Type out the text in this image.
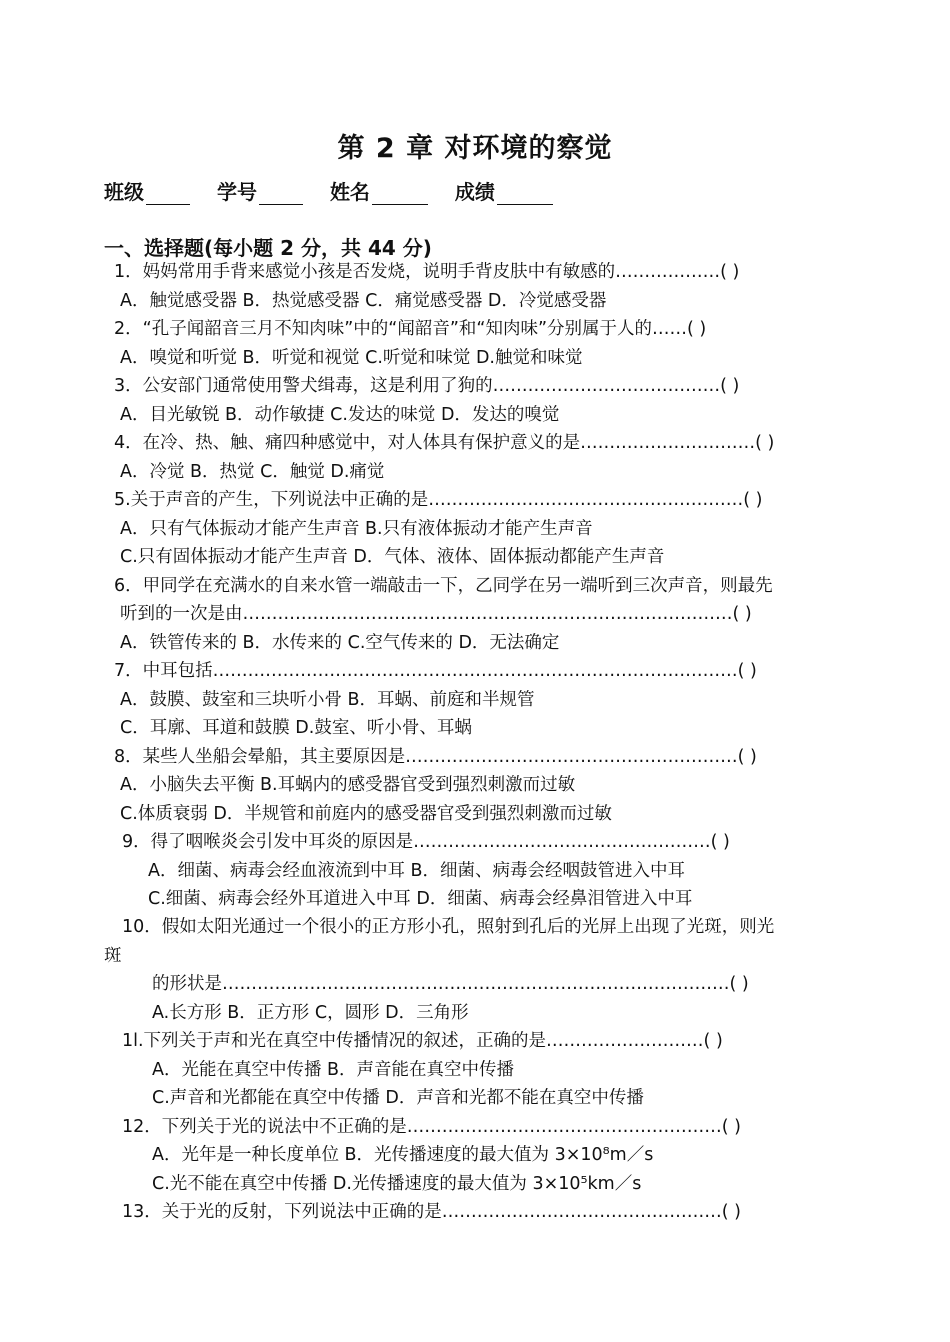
第 2 章 对环境的察觉
班级	学号	姓名	成绩
一、选择题(每小题 2 分，共 44 分)
1．妈妈常用手背来感觉小孩是否发烧，说明手背皮肤中有敏感的………………( )
A．触觉感受器 B．热觉感受器 C．痛觉感受器 D．冷觉感受器
2．“孔子闻韶音三月不知肉味”中的“闻韶音”和“知肉味”分别属于人的……( )
A．嗅觉和听觉 B．听觉和视觉 C.听觉和味觉 D.触觉和味觉
3．公安部门通常使用警犬缉毒，这是利用了狗的…………………………………( )
A．目光敏锐 B．动作敏捷 C.发达的味觉 D．发达的嗅觉
4．在冷、热、触、痛四种感觉中，对人体具有保护意义的是…………………………( )
A．冷觉 B．热觉 C．触觉 D.痛觉
5.关于声音的产生，下列说法中正确的是………………………………………………( )
A．只有气体振动才能产生声音 B.只有液体振动才能产生声音
C.只有固体振动才能产生声音 D．气体、液体、固体振动都能产生声音
6．甲同学在充满水的自来水管一端敲击一下，乙同学在另一端听到三次声音，则最先
听到的一次是由…………………………………………………………………………( )
A．铁管传来的 B．水传来的 C.空气传来的 D．无法确定
7．中耳包括………………………………………………………………………………( )
A．鼓膜、鼓室和三块听小骨 B．耳蜗、前庭和半规管
C．耳廓、耳道和鼓膜 D.鼓室、听小骨、耳蜗
8．某些人坐船会晕船，其主要原因是…………………………………………………( )
A．小脑失去平衡 B.耳蜗内的感受器官受到强烈刺激而过敏
C.体质衰弱 D．半规管和前庭内的感受器官受到强烈刺激而过敏
9．得了咽喉炎会引发中耳炎的原因是……………………………………………( )
A．细菌、病毒会经血液流到中耳 B．细菌、病毒会经咽鼓管进入中耳
C.细菌、病毒会经外耳道进入中耳 D．细菌、病毒会经鼻泪管进入中耳
10．假如太阳光通过一个很小的正方形小孔，照射到孔后的光屏上出现了光斑，则光
斑
的形状是……………………………………………………………………………( )
A.长方形 B．正方形 C，圆形 D．三角形
1l.下列关于声和光在真空中传播情况的叙述，正确的是………………………( )
A．光能在真空中传播 B．声音能在真空中传播
C.声音和光都能在真空中传播 D．声音和光都不能在真空中传播
12．下列关于光的说法中不正确的是………………………………………………( )
A．光年是一种长度单位 B．光传播速度的最大值为 3×10⁸m／s
C.光不能在真空中传播 D.光传播速度的最大值为 3×10⁵km／s
13．关于光的反射，下列说法中正确的是…………………………………………( )
